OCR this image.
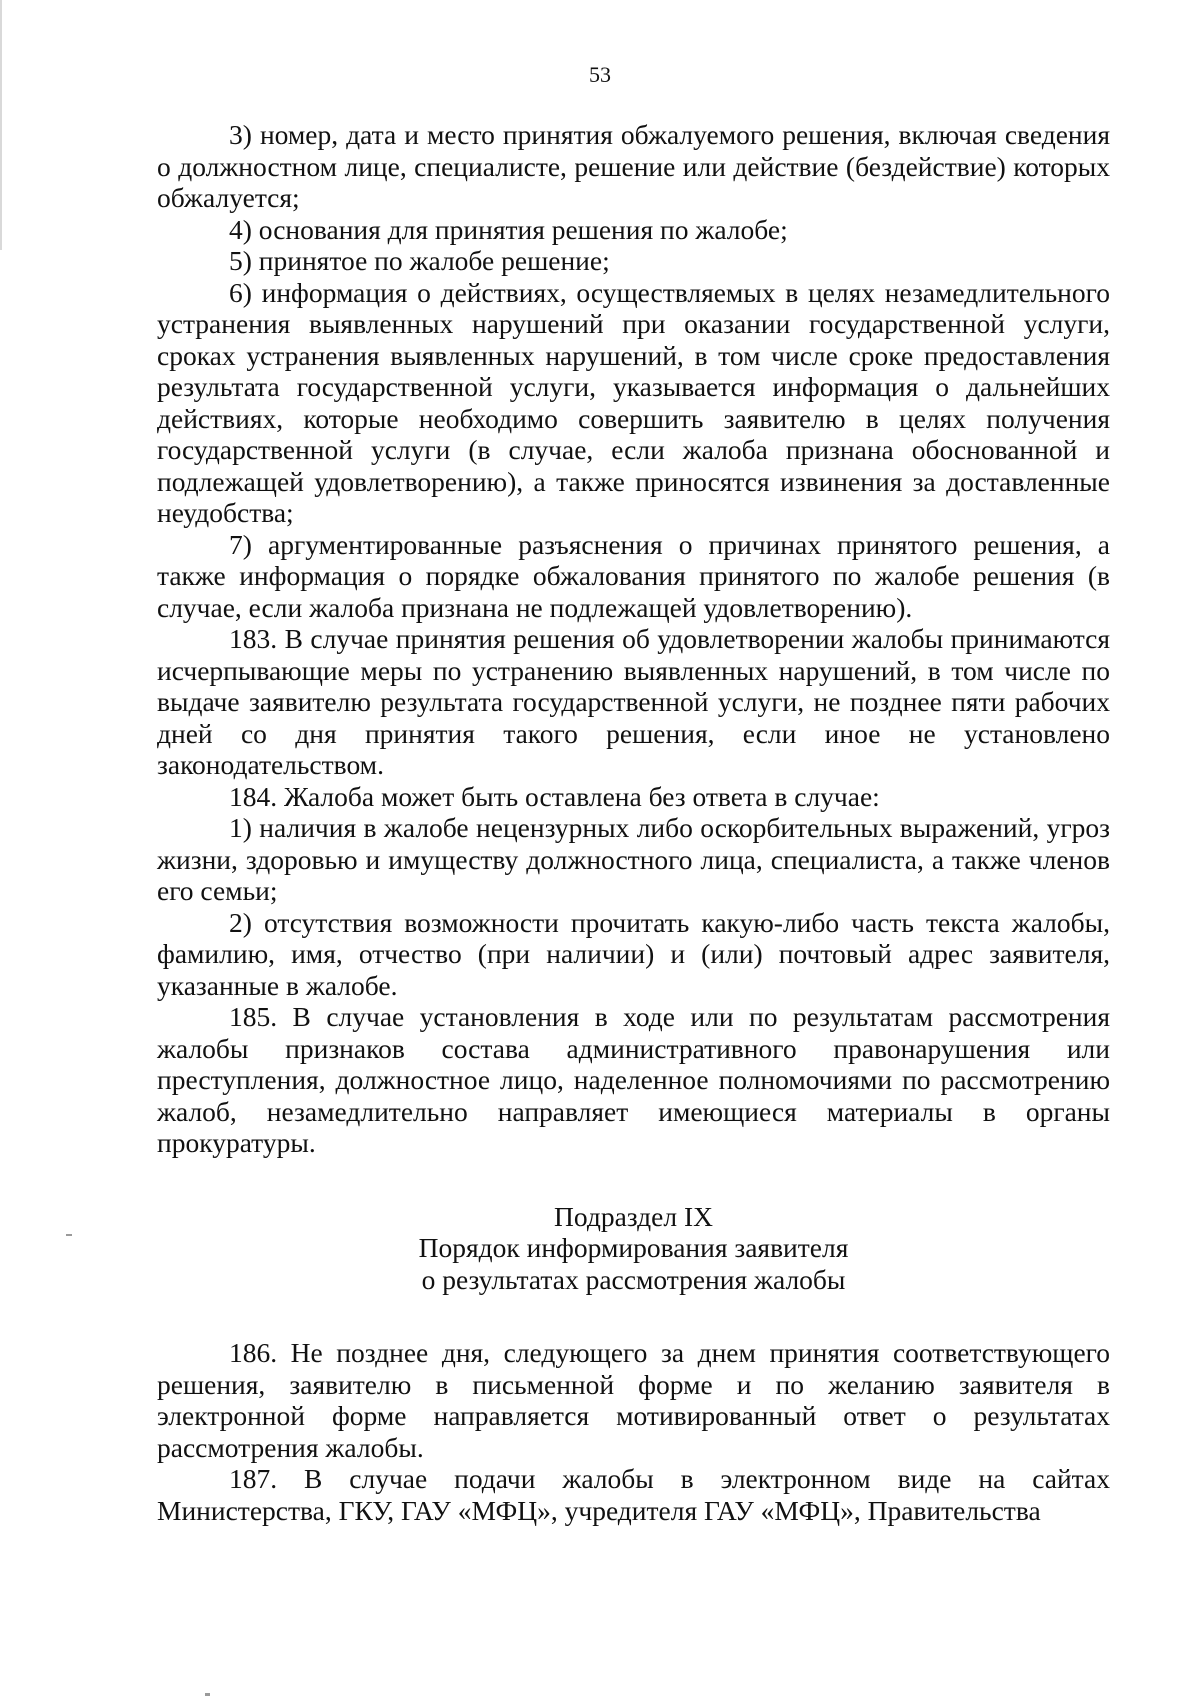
53

3) номер, дата и место принятия обжалуемого решения, включая сведения о должностном лице, специалисте, решение или действие (бездействие) которых обжалуется;

4) основания для принятия решения по жалобе;

5) принятое по жалобе решение;

6) информация о действиях, осуществляемых в целях незамедлительного устранения выявленных нарушений при оказании государственной услуги, сроках устранения выявленных нарушений, в том числе сроке предоставления результата государственной услуги, указывается информация о дальнейших действиях, которые необходимо совершить заявителю в целях получения государственной услуги (в случае, если жалоба признана обоснованной и подлежащей удовлетворению), а также приносятся извинения за доставленные неудобства;

7) аргументированные разъяснения о причинах принятого решения, а также информация о порядке обжалования принятого по жалобе решения (в случае, если жалоба признана не подлежащей удовлетворению).

183. В случае принятия решения об удовлетворении жалобы принимаются исчерпывающие меры по устранению выявленных нарушений, в том числе по выдаче заявителю результата государственной услуги, не позднее пяти рабочих дней со дня принятия такого решения, если иное не установлено законодательством.

184. Жалоба может быть оставлена без ответа в случае:

1) наличия в жалобе нецензурных либо оскорбительных выражений, угроз жизни, здоровью и имуществу должностного лица, специалиста, а также членов его семьи;

2) отсутствия возможности прочитать какую-либо часть текста жалобы, фамилию, имя, отчество (при наличии) и (или) почтовый адрес заявителя, указанные в жалобе.

185. В случае установления в ходе или по результатам рассмотрения жалобы признаков состава административного правонарушения или преступления, должностное лицо, наделенное полномочиями по рассмотрению жалоб, незамедлительно направляет имеющиеся материалы в органы прокуратуры.

Подраздел IX
Порядок информирования заявителя
о результатах рассмотрения жалобы

186. Не позднее дня, следующего за днем принятия соответствующего решения, заявителю в письменной форме и по желанию заявителя в электронной форме направляется мотивированный ответ о результатах рассмотрения жалобы.

187. В случае подачи жалобы в электронном виде на сайтах Министерства, ГКУ, ГАУ «МФЦ», учредителя ГАУ «МФЦ», Правительства
